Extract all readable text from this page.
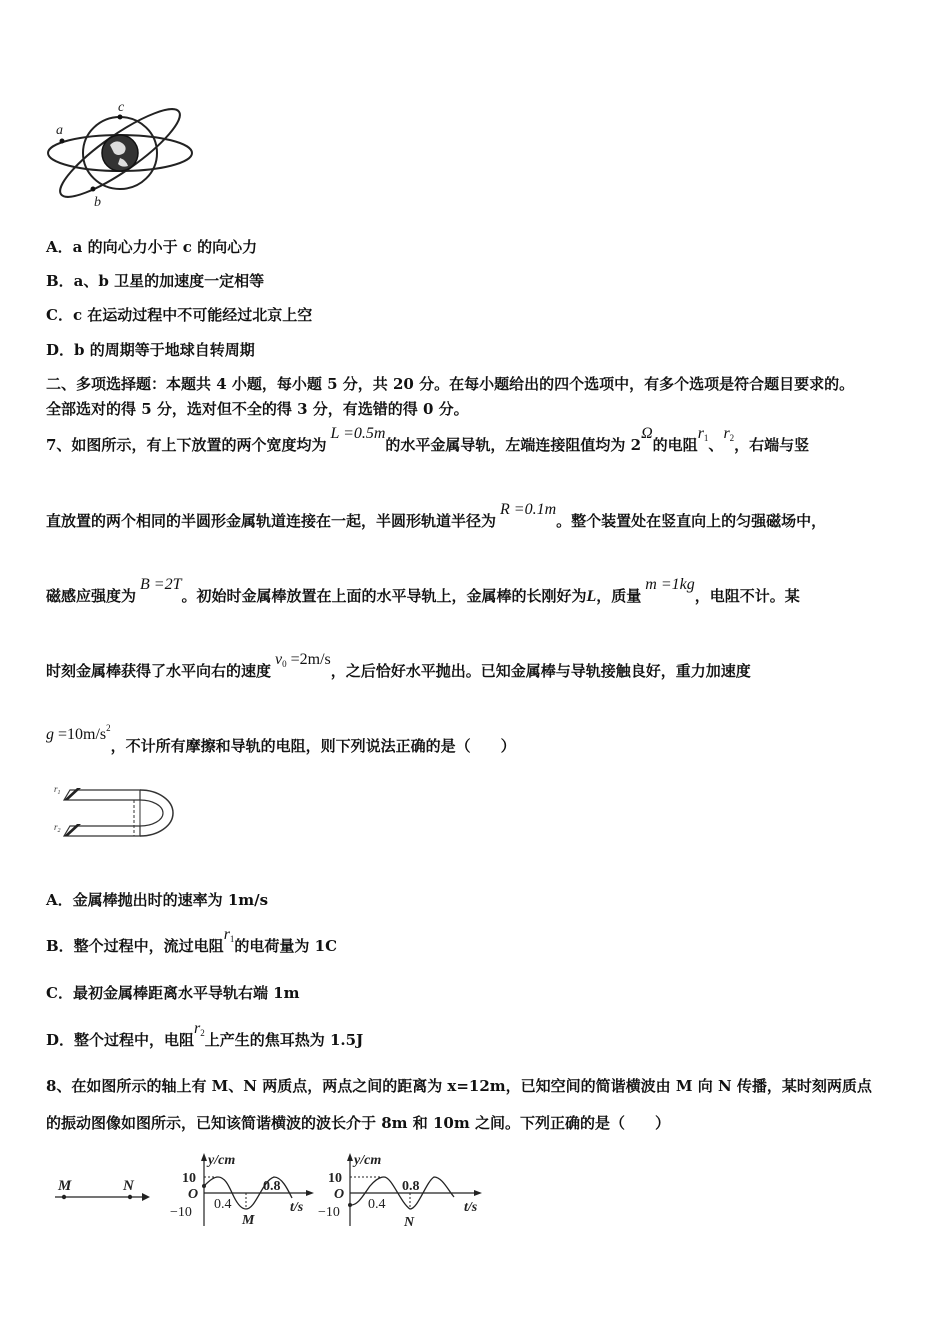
a
c
b
A．a 的向心力小于 c 的向心力
B．a、b 卫星的加速度一定相等
C．c 在运动过程中不可能经过北京上空
D．b 的周期等于地球自转周期
二、多项选择题：本题共 4 小题，每小题 5 分，共 20 分。在每小题给出的四个选项中，有多个选项是符合题目要求的。
全部选对的得 5 分，选对但不全的得 3 分，有选错的得 0 分。
7、如图所示，有上下放置的两个宽度均为 L =0.5m的水平金属导轨，左端连接阻值均为 2Ω的电阻r1、r2，右端与竖
直放置的两个相同的半圆形金属轨道连接在一起，半圆形轨道半径为 R =0.1m。整个装置处在竖直向上的匀强磁场中，
磁感应强度为 B =2T。初始时金属棒放置在上面的水平导轨上，金属棒的长刚好为L，质量 m =1kg，电阻不计。某
时刻金属棒获得了水平向右的速度 v0 =2m/s，之后恰好水平抛出。已知金属棒与导轨接触良好，重力加速度
$g =10m/s^2$，不计所有摩擦和导轨的电阻，则下列说法正确的是（　　）
$r_1$
$r_2$
A．金属棒抛出时的速率为 1m/s
B．整个过程中，流过电阻r1的电荷量为 1C
C．最初金属棒距离水平导轨右端 1m
D．整个过程中，电阻r2上产生的焦耳热为 1.5J
8、在如图所示的轴上有 M、N 两质点，两点之间的距离为 x=12m，已知空间的简谐横波由 M 向 N 传播，某时刻两质点
的振动图像如图所示，已知该简谐横波的波长介于 8m 和 10m 之间。下列正确的是（　　）
M	N
y/cm
10
O
−10
0.4
0.8
t/s
M
y/cm
10
O
−10
0.4
0.8
t/s
N
